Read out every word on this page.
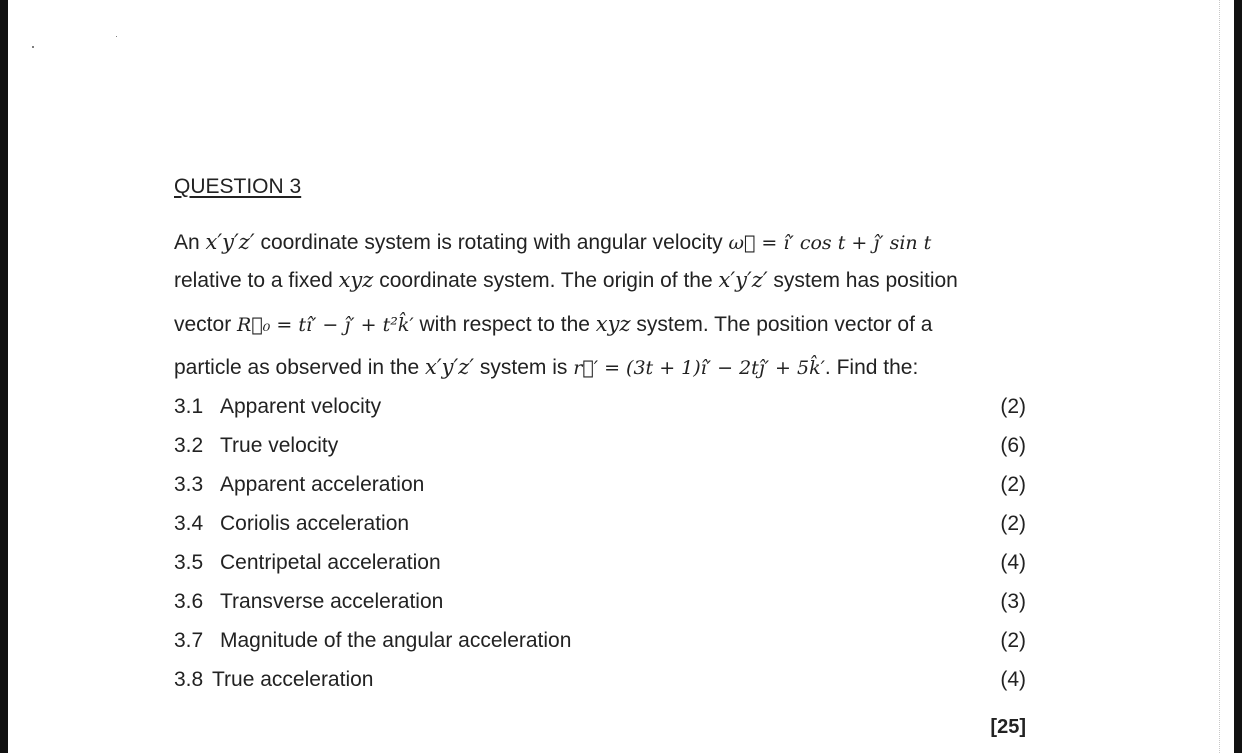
QUESTION 3
An x′y′z′ coordinate system is rotating with angular velocity ω⃗ = î′ cos t + ĵ′ sin t
relative to a fixed xyz coordinate system. The origin of the x′y′z′ system has position
vector R⃗₀ = tî′ − ĵ′ + t²k̂′ with respect to the xyz system. The position vector of a
particle as observed in the x′y′z′ system is r⃗′ = (3t + 1)î′ − 2tĵ′ + 5k̂′. Find the:
3.1 Apparent velocity	(2)
3.2 True velocity	(6)
3.3 Apparent acceleration	(2)
3.4 Coriolis acceleration	(2)
3.5 Centripetal acceleration	(4)
3.6 Transverse acceleration	(3)
3.7 Magnitude of the angular acceleration	(2)
3.8 True acceleration	(4)
[25]
